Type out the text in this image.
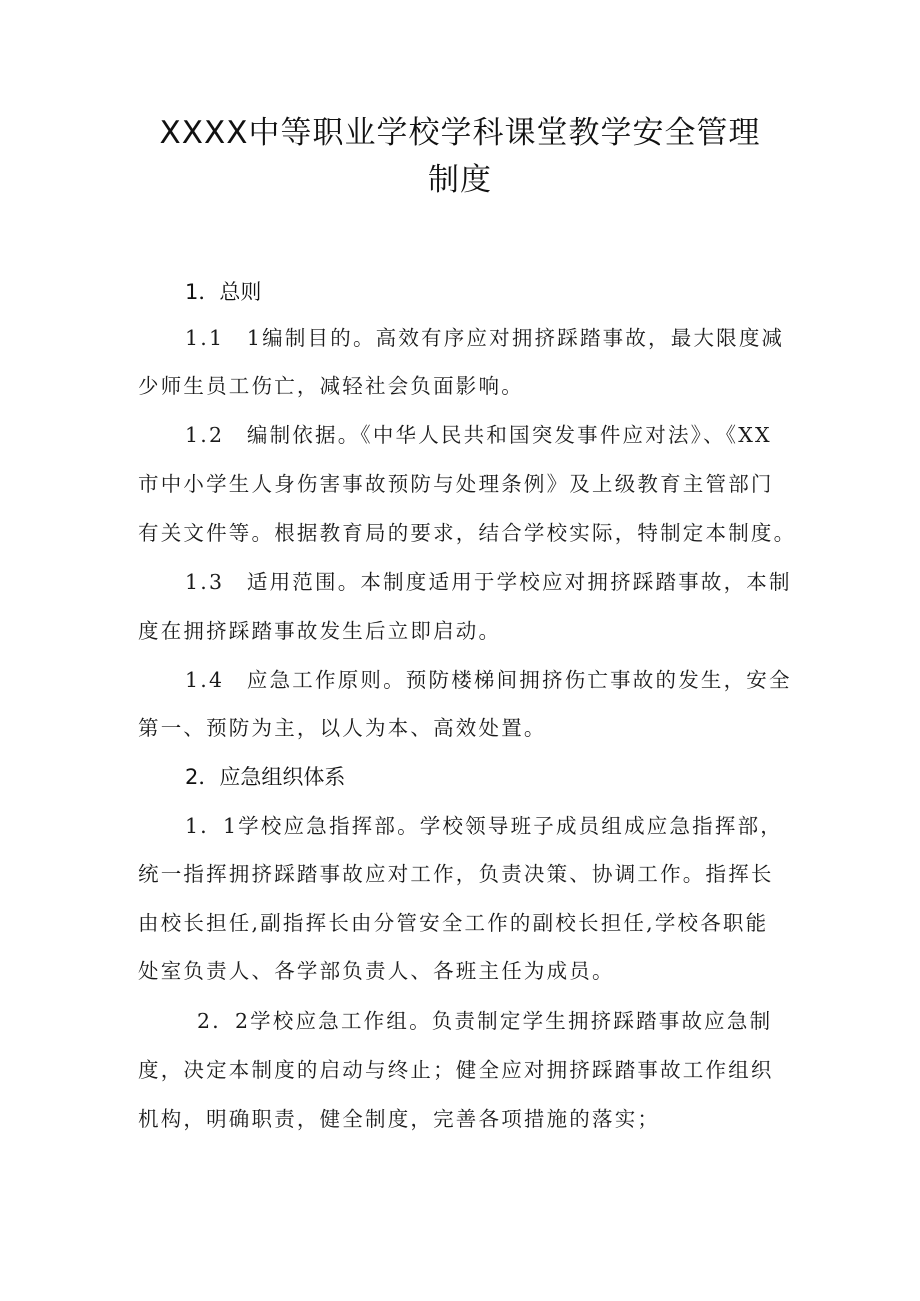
XXXX中等职业学校学科课堂教学安全管理
制度
1．总则
1.1　1编制目的。高效有序应对拥挤踩踏事故，最大限度减
少师生员工伤亡，减轻社会负面影响。
1.2　编制依据。《中华人民共和国突发事件应对法》、《XX
市中小学生人身伤害事故预防与处理条例》及上级教育主管部门
有关文件等。根据教育局的要求，结合学校实际，特制定本制度。
1.3　适用范围。本制度适用于学校应对拥挤踩踏事故，本制
度在拥挤踩踏事故发生后立即启动。
1.4　应急工作原则。预防楼梯间拥挤伤亡事故的发生，安全
第一、预防为主，以人为本、高效处置。
2．应急组织体系
1．1学校应急指挥部。学校领导班子成员组成应急指挥部，
统一指挥拥挤踩踏事故应对工作，负责决策、协调工作。指挥长
由校长担任,副指挥长由分管安全工作的副校长担任,学校各职能
处室负责人、各学部负责人、各班主任为成员。
2．2学校应急工作组。负责制定学生拥挤踩踏事故应急制
度，决定本制度的启动与终止；健全应对拥挤踩踏事故工作组织
机构，明确职责，健全制度，完善各项措施的落实；
